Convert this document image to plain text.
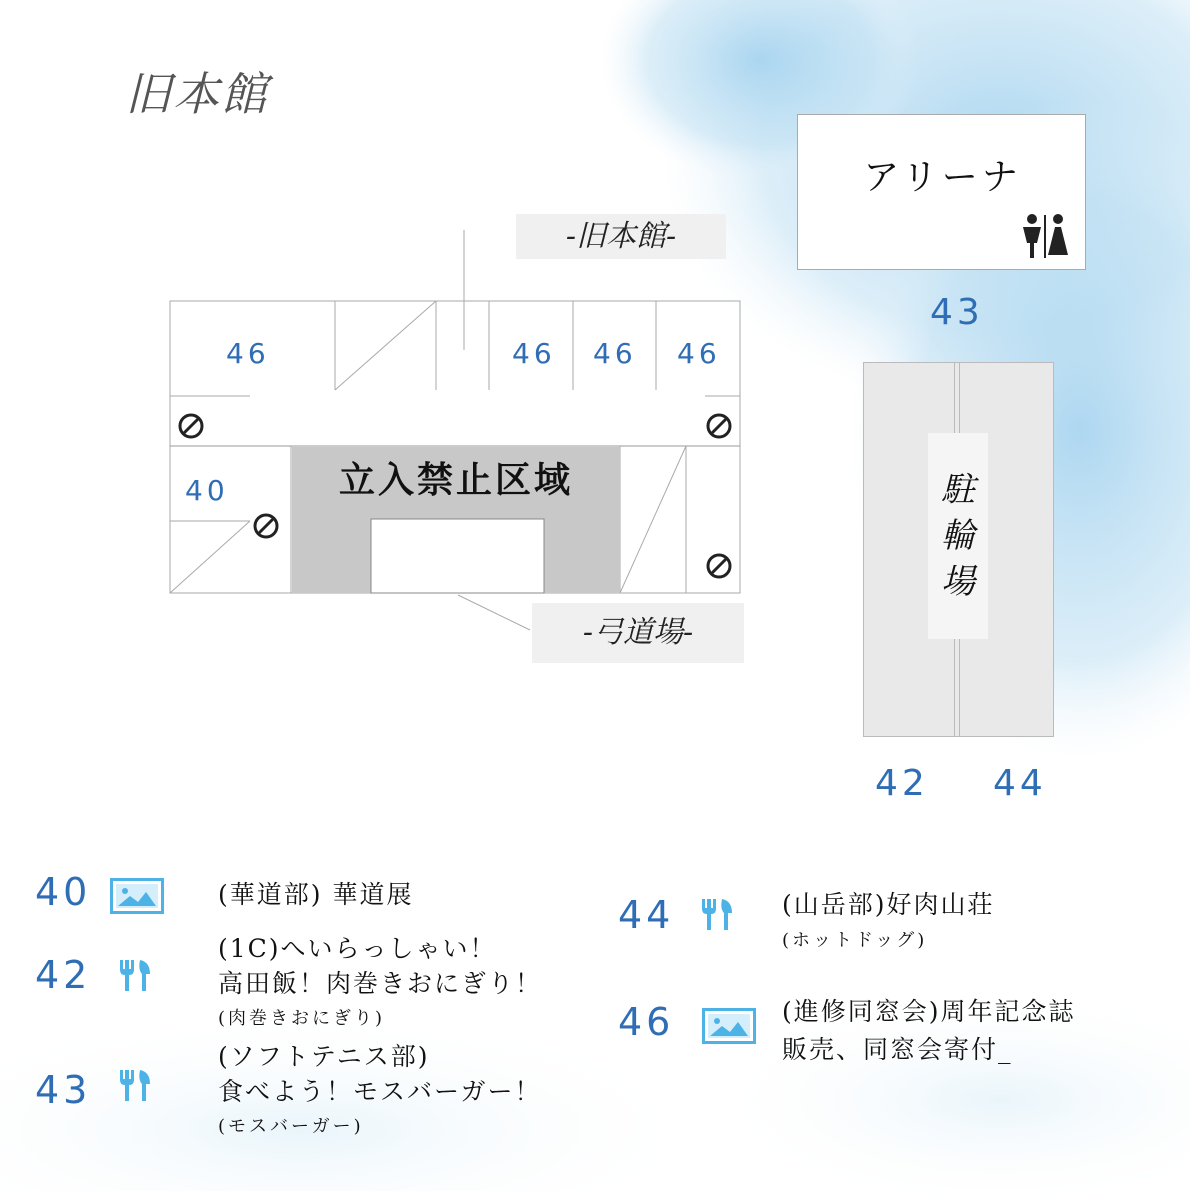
旧本館
-旧本館-
立入禁止区域
-弓道場-
46	46 46 46
40
アリーナ
43
駐
輪
場
42 44
40	(華道部) 華道展
42
(1C)へいらっしゃい！
高田飯！肉巻きおにぎり！
(肉巻きおにぎり)
43
(ソフトテニス部)
食べよう！モスバーガー！
(モスバーガー)
44	(山岳部)好肉山荘
(ホットドッグ)
46	(進修同窓会)周年記念誌
販売、同窓会寄付_
